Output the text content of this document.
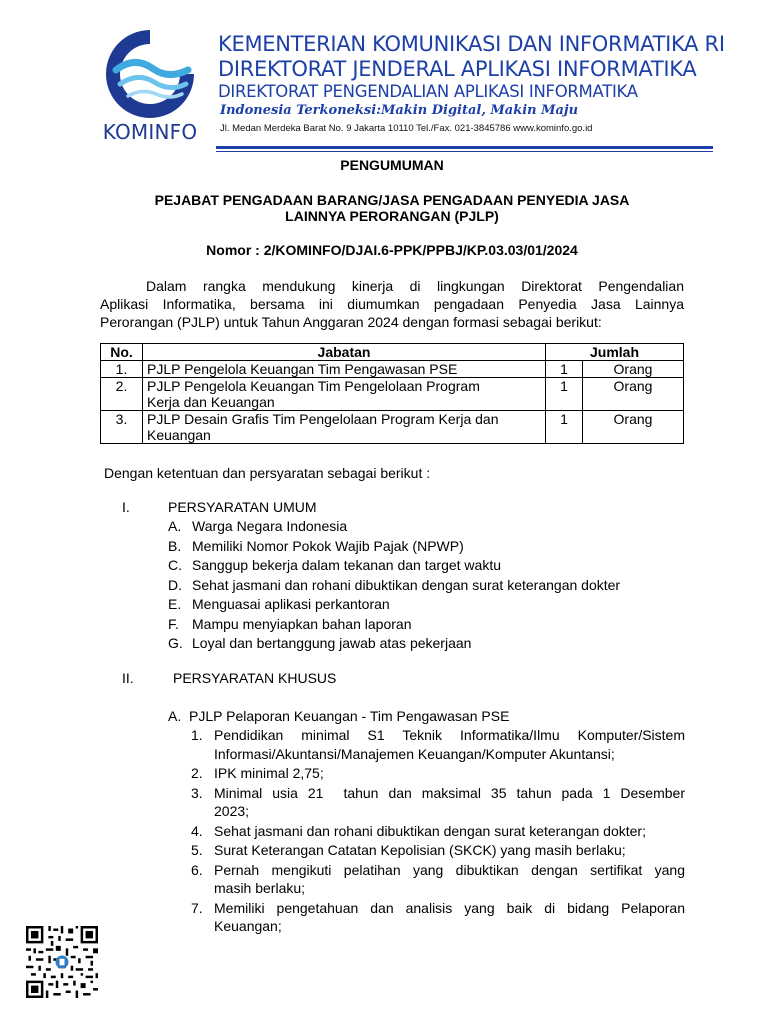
KOMINFO
KEMENTERIAN KOMUNIKASI DAN INFORMATIKA RI
DIREKTORAT JENDERAL APLIKASI INFORMATIKA
DIREKTORAT PENGENDALIAN APLIKASI INFORMATIKA
Indonesia Terkoneksi:Makin Digital, Makin Maju
Jl. Medan Merdeka Barat No. 9 Jakarta 10110 Tel./Fax. 021-3845786 www.kominfo.go.id
PENGUMUMAN
PEJABAT PENGADAAN BARANG/JASA PENGADAAN PENYEDIA JASA
LAINNYA PERORANGAN (PJLP)
Nomor : 2/KOMINFO/DJAI.6-PPK/PPBJ/KP.03.03/01/2024
Dalam rangka mendukung kinerja di lingkungan Direktorat Pengendalian
Aplikasi Informatika, bersama ini diumumkan pengadaan Penyedia Jasa Lainnya
Perorangan (PJLP) untuk Tahun Anggaran 2024 dengan formasi sebagai berikut:
No.	Jabatan	Jumlah	
1.	PJLP Pengelola Keuangan Tim Pengawasan PSE	1	Orang
2.	PJLP Pengelola Keuangan Tim Pengelolaan Program
Kerja dan Keuangan	1	Orang
3.	PJLP Desain Grafis Tim Pengelolaan Program Kerja dan
Keuangan	1	Orang
Dengan ketentuan dan persyaratan sebagai berikut :
I.	PERSYARATAN UMUM
A. Warga Negara Indonesia
B. Memiliki Nomor Pokok Wajib Pajak (NPWP)
C. Sanggup bekerja dalam tekanan dan target waktu
D. Sehat jasmani dan rohani dibuktikan dengan surat keterangan dokter
E. Menguasai aplikasi perkantoran
F. Mampu menyiapkan bahan laporan
G. Loyal dan bertanggung jawab atas pekerjaan
II.	PERSYARATAN KHUSUS
A.  PJLP Pelaporan Keuangan - Tim Pengawasan PSE
1. Pendidikan minimal S1 Teknik Informatika/Ilmu Komputer/Sistem
Informasi/Akuntansi/Manajemen Keuangan/Komputer Akuntansi;
2. IPK minimal 2,75;
3. Minimal usia 21  tahun dan maksimal 35 tahun pada 1 Desember
2023;
4. Sehat jasmani dan rohani dibuktikan dengan surat keterangan dokter;
5. Surat Keterangan Catatan Kepolisian (SKCK) yang masih berlaku;
6. Pernah mengikuti pelatihan yang dibuktikan dengan sertifikat yang
masih berlaku;
7. Memiliki pengetahuan dan analisis yang baik di bidang Pelaporan
Keuangan;
